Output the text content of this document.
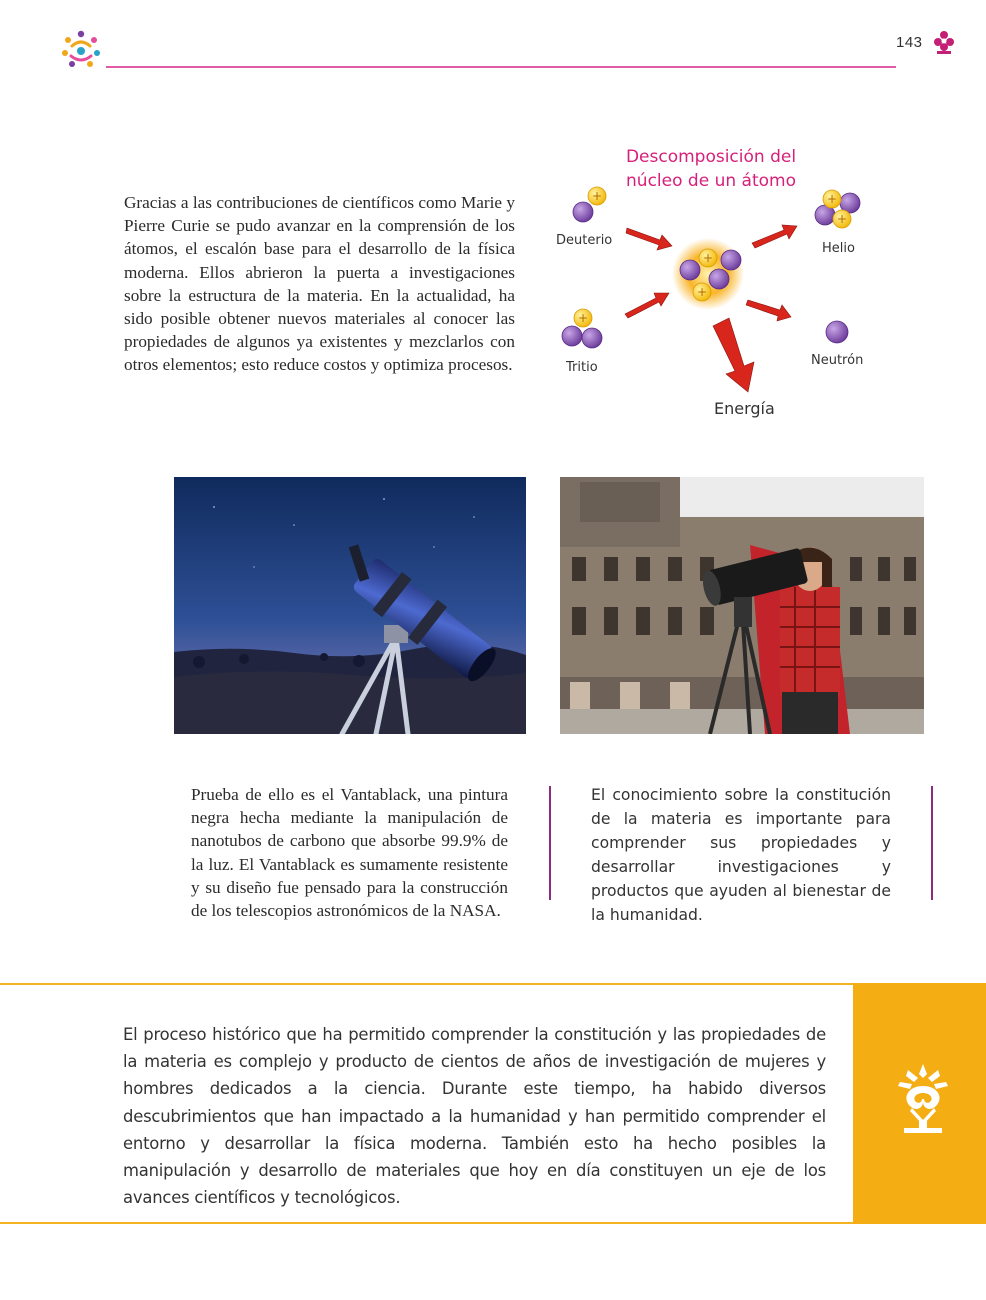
143
Gracias a las contribuciones de científicos como Marie y Pierre Curie se pudo avanzar en la comprensión de los átomos, el escalón base para el desarrollo de la física moderna. Ellos abrieron la puerta a investigaciones sobre la estructura de la materia. En la actualidad, ha sido posible obtener nuevos materiales al conocer las propiedades de algunos ya existentes y mezclarlos con otros elementos; esto reduce costos y optimiza procesos.
Descomposición del
núcleo de un átomo
+
+
+
+
+
+
Deuterio
Helio
Tritio	Neutrón
Energía
Prueba de ello es el Vantablack, una pintura negra hecha mediante la manipulación de nanotubos de carbono que absorbe 99.9% de la luz. El Vantablack es sumamente resistente y su diseño fue pensado para la construcción de los telescopios astronómicos de la NASA.
El conocimiento sobre la constitución de la materia es importante para comprender sus propiedades y desarrollar investigaciones y productos que ayuden al bienestar de la humanidad.
El proceso histórico que ha permitido comprender la constitución y las propiedades de la materia es complejo y producto de cientos de años de investigación de mujeres y hombres dedicados a la ciencia. Durante este tiempo, ha habido diversos descubrimientos que han impactado a la humanidad y han permitido comprender el entorno y desarrollar la física moderna. También esto ha hecho posibles la manipulación y desarrollo de materiales que hoy en día constituyen un eje de los avances científicos y tecnológicos.
